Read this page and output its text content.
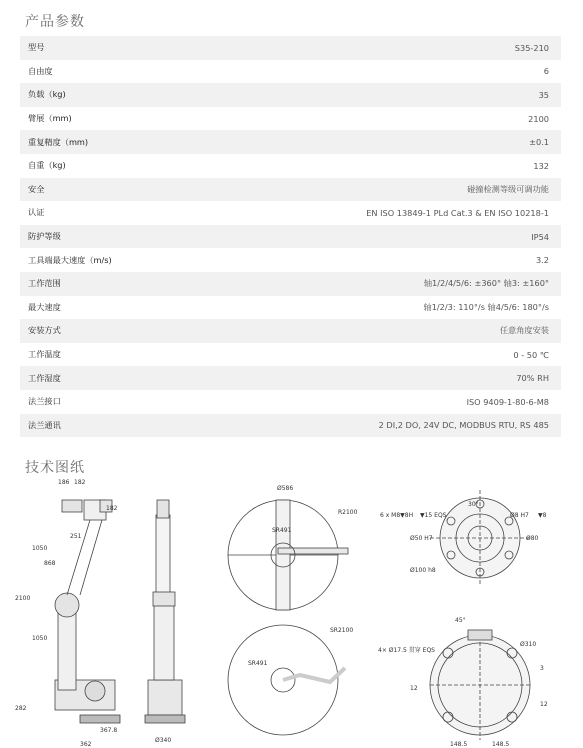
产品参数
型号	S35-210
自由度	6
负载（kg)	35
臂展（mm)	2100
重复精度（mm)	±0.1
自重（kg)	132
安全	碰撞检测等级可调功能
认证	EN ISO 13849-1 PLd Cat.3 & EN ISO 10218-1
防护等级	IP54
工具端最大速度（m/s)	3.2
工作范围	轴1/2/4/5/6: ±360° 轴3: ±160°
最大速度	轴1/2/3: 110°/s 轴4/5/6: 180°/s
安装方式	任意角度安装
工作温度	0 - 50 ℃
工作湿度	70% RH
法兰接口	ISO 9409-1-80-6-M8
法兰通讯	2 DI,2 DO, 24V DC, MODBUS RTU, RS 485
技术图纸
186 182
182
251
1050
868
2100
1050
282
367.8
362
Ø340
R2100
SR491
Ø586
SR2100
SR491
6 x M8▼8H ▼15 EQS
30°
Ø8 H7 ▼8
Ø50 H7	Ø80
Ø100 h8
45°
Ø310
4× Ø17.5 贯穿 EQS
12
3
12
148.5	148.5
